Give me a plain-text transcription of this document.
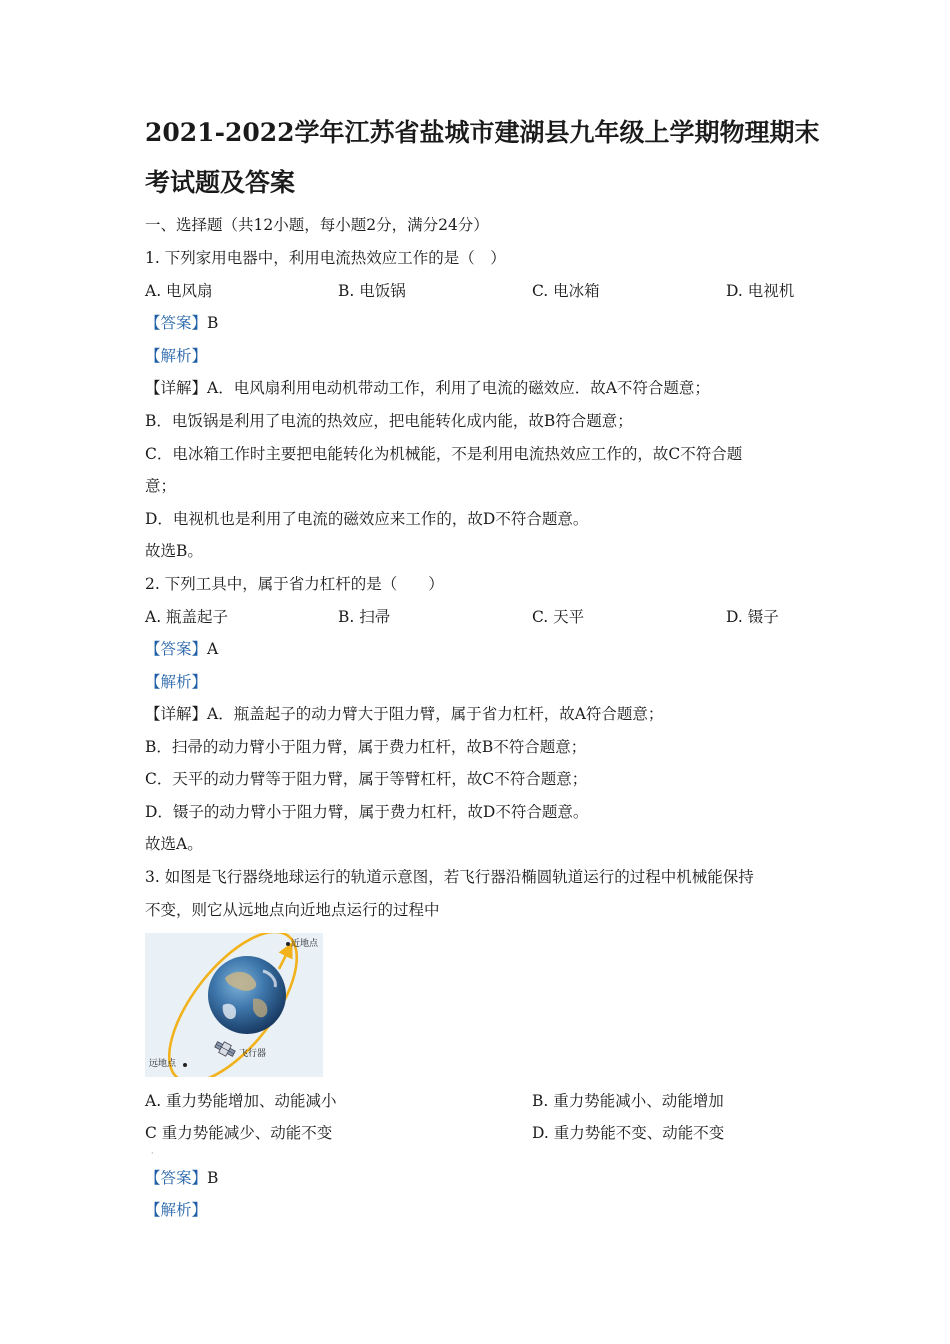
2021-2022学年江苏省盐城市建湖县九年级上学期物理期末
考试题及答案
一、选择题（共12小题，每小题2分，满分24分）
1. 下列家用电器中，利用电流热效应工作的是（　）
A. 电风扇	B. 电饭锅	C. 电冰箱	D. 电视机
【答案】B
【解析】
【详解】A．电风扇利用电动机带动工作，利用了电流的磁效应．故A不符合题意；
B．电饭锅是利用了电流的热效应，把电能转化成内能，故B符合题意；
C．电冰箱工作时主要把电能转化为机械能，不是利用电流热效应工作的，故C不符合题
意；
D．电视机也是利用了电流的磁效应来工作的，故D不符合题意。
故选B。
2. 下列工具中，属于省力杠杆的是（　　）
A. 瓶盖起子	B. 扫帚	C. 天平	D. 镊子
【答案】A
【解析】
【详解】A．瓶盖起子的动力臂大于阻力臂，属于省力杠杆，故A符合题意；
B．扫帚的动力臂小于阻力臂，属于费力杠杆，故B不符合题意；
C．天平的动力臂等于阻力臂，属于等臂杠杆，故C不符合题意；
D．镊子的动力臂小于阻力臂，属于费力杠杆，故D不符合题意。
故选A。
3. 如图是飞行器绕地球运行的轨道示意图，若飞行器沿椭圆轨道运行的过程中机械能保持
不变，则它从远地点向近地点运行的过程中
近地点
远地点
飞行器
A. 重力势能增加、动能减小	B. 重力势能减小、动能增加
C 重力势能减少、动能不变	D. 重力势能不变、动能不变
·
【答案】B
【解析】
